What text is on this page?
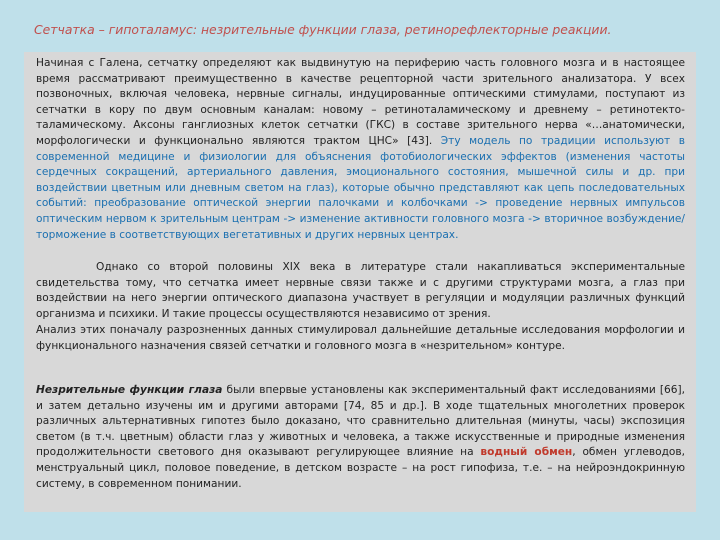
Сетчатка – гипоталамус: незрительные функции глаза, ретинорефлекторные реакции.

Начиная с Галена, сетчатку определяют как выдвинутую на периферию часть головного мозга и в настоящее время рассматривают преимущественно в качестве рецепторной части зрительного анализатора. У всех позвоночных, включая человека, нервные сигналы, индуцированные оптическими стимулами, поступают из сетчатки в кору по двум основным каналам: новому – ретиноталамическому и древнему – ретинотекто-таламическому. Аксоны ганглиозных клеток сетчатки (ГКС) в составе зрительного нерва «…анатомически, морфологически и функционально являются трактом ЦНС» [43]. Эту модель по традиции используют в современной медицине и физиологии для объяснения фотобиологических эффектов (изменения частоты сердечных сокращений, артериального давления, эмоционального состояния, мышечной силы и др. при воздействии цветным или дневным светом на глаз), которые обычно представляют как цепь последовательных событий: преобразование оптической энергии палочками и колбочками -> проведение нервных импульсов оптическим нервом к зрительным центрам -> изменение активности головного мозга -> вторичное возбуждение/торможение в соответствующих вегетативных и других нервных центрах.

Однако со второй половины XIX века в литературе стали накапливаться экспериментальные свидетельства тому, что сетчатка имеет нервные связи также и с другими структурами мозга, а глаз при воздействии на него энергии оптического диапазона участвует в регуляции и модуляции различных функций организма и психики. И такие процессы осуществляются независимо от зрения.

Анализ этих поначалу разрозненных данных стимулировал дальнейшие детальные исследования морфологии и функционального назначения связей сетчатки и головного мозга в «незрительном» контуре.

Незрительные функции глаза были впервые установлены как экспериментальный факт исследованиями [66], и затем детально изучены им и другими авторами [74, 85 и др.]. В ходе тщательных многолетних проверок различных альтернативных гипотез было доказано, что сравнительно длительная (минуты, часы) экспозиция светом (в т.ч. цветным) области глаз у животных и человека, а также искусственные и природные изменения продолжительности светового дня оказывают регулирующее влияние на водный обмен, обмен углеводов, менструальный цикл, половое поведение, в детском возрасте – на рост гипофиза, т.е. – на нейроэндокринную систему, в современном понимании.
